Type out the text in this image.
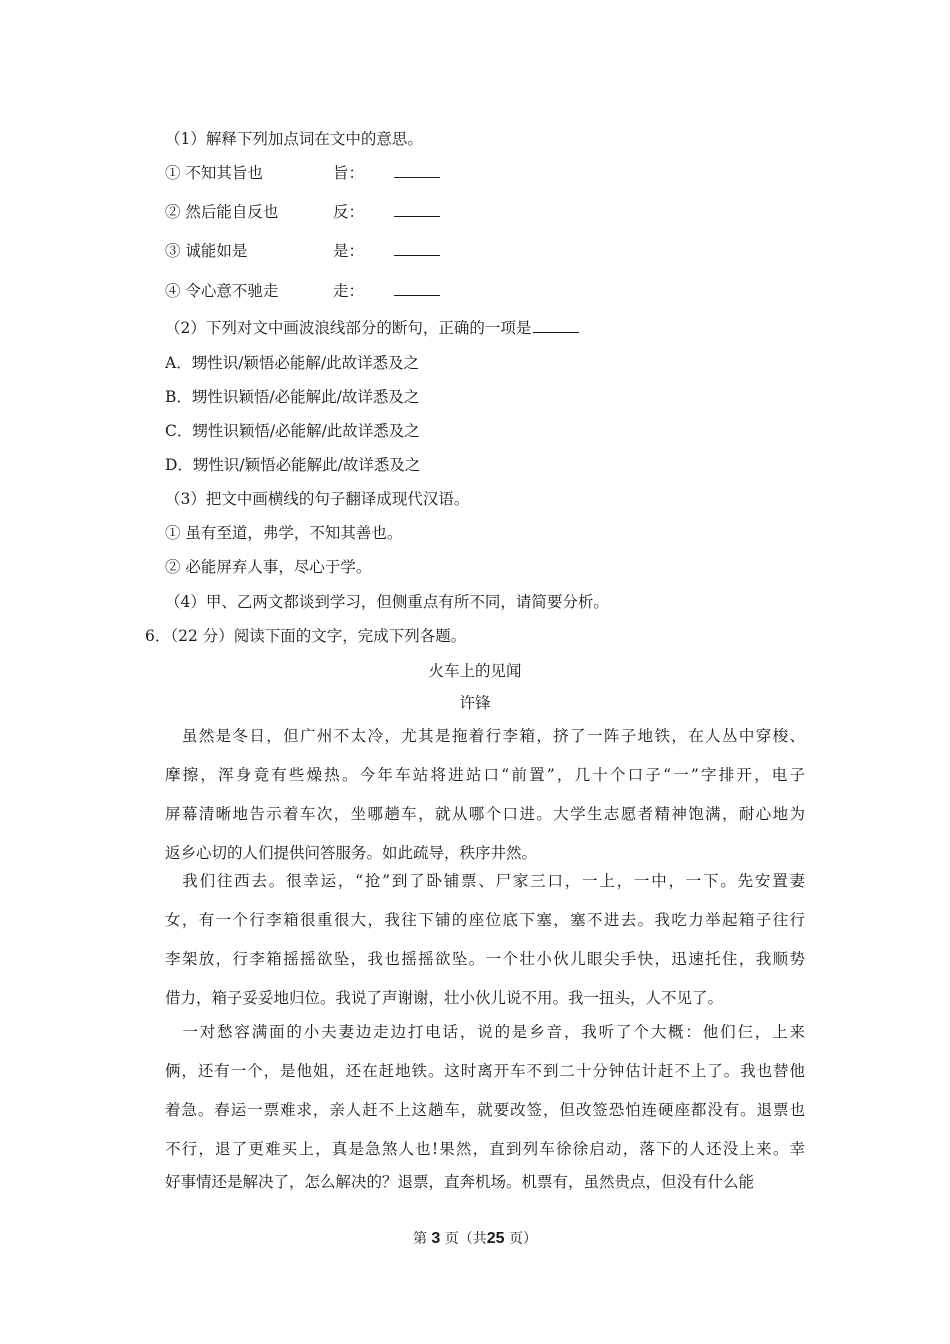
（1）解释下列加点词在文中的意思。
① 不知其旨也	旨：
② 然后能自反也	反：
③ 诚能如是	是：
④ 令心意不驰走	走：
（2）下列对文中画波浪线部分的断句，正确的一项是
A．甥性识/颖悟必能解/此故详悉及之
B．甥性识颖悟/必能解此/故详悉及之
C．甥性识颖悟/必能解/此故详悉及之
D．甥性识/颖悟必能解此/故详悉及之
（3）把文中画横线的句子翻译成现代汉语。
① 虽有至道，弗学，不知其善也。
② 必能屏弃人事，尽心于学。
（4）甲、乙两文都谈到学习，但侧重点有所不同，请简要分析。
6．（22 分）阅读下面的文字，完成下列各题。
火车上的见闻
许锋
　虽然是冬日，但广州不太冷，尤其是拖着行李箱，挤了一阵子地铁，在人丛中穿梭、
摩擦，浑身竟有些燥热。今年车站将进站口“前置”，几十个口子“一”字排开，电子
屏幕清晰地告示着车次，坐哪趟车，就从哪个口进。大学生志愿者精神饱满，耐心地为
返乡心切的人们提供问答服务。如此疏导，秩序井然。
　我们往西去。很幸运，“抢”到了卧铺票、尸家三口，一上，一中，一下。先安置妻
女，有一个行李箱很重很大，我往下铺的座位底下塞，塞不进去。我吃力举起箱子往行
李架放，行李箱摇摇欲坠，我也摇摇欲坠。一个壮小伙儿眼尖手快，迅速托住，我顺势
借力，箱子妥妥地归位。我说了声谢谢，壮小伙儿说不用。我一扭头，人不见了。
　一对愁容满面的小夫妻边走边打电话，说的是乡音，我听了个大概：他们仨，上来
俩，还有一个，是他姐，还在赶地铁。这时离开车不到二十分钟估计赶不上了。我也替他
着急。春运一票难求，亲人赶不上这趟车，就要改签，但改签恐怕连硬座都没有。退票也
不行，退了更难买上，真是急煞人也!果然，直到列车徐徐启动，落下的人还没上来。幸
好事情还是解决了，怎么解决的？退票，直奔机场。机票有，虽然贵点，但没有什么能
第 3 页（共25 页）
